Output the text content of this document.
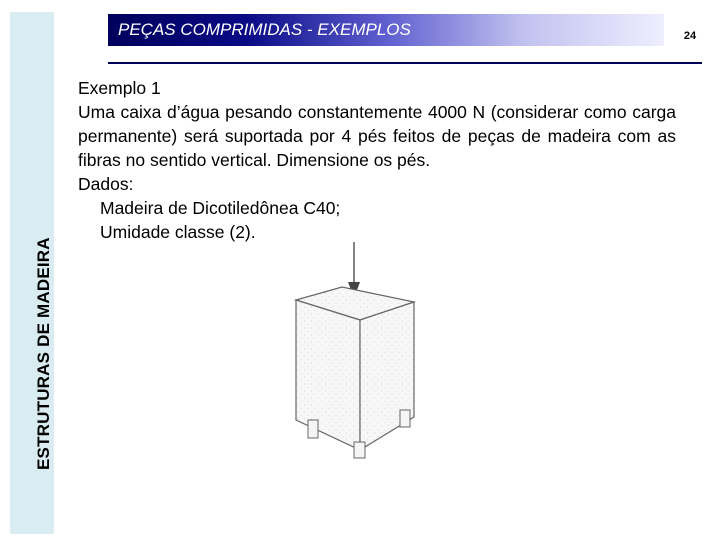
ESTRUTURAS DE MADEIRA
PEÇAS COMPRIMIDAS - EXEMPLOS	24
Exemplo 1
Uma caixa d’água pesando constantemente 4000 N (considerar como carga permanente) será suportada por 4 pés feitos de peças de madeira com as fibras no sentido vertical. Dimensione os pés.
Dados:
Madeira de Dicotiledônea C40;
Umidade classe (2).
